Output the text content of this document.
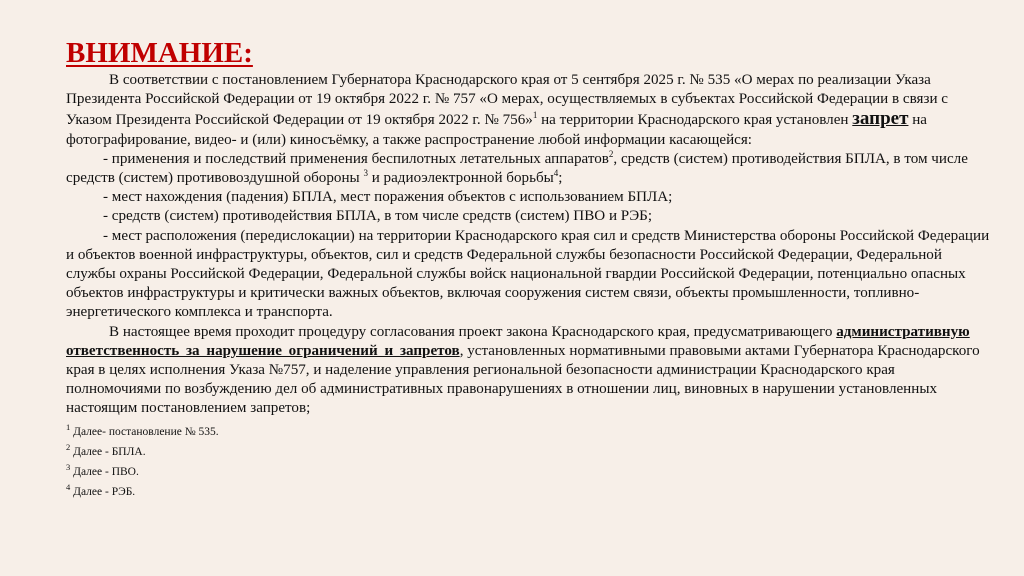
ВНИМАНИЕ:

В соответствии с постановлением Губернатора Краснодарского края от 5 сентября 2025 г. № 535 «О мерах по реализации Указа Президента Российской Федерации от 19 октября 2022 г. № 757 «О мерах, осуществляемых в субъектах Российской Федерации в связи с Указом Президента Российской Федерации от 19 октября 2022 г. № 756»$^1$ на территории Краснодарского края установлен запрет на фотографирование, видео- и (или) киносъёмку, а также распространение любой информации касающейся:

- применения и последствий применения беспилотных летательных аппаратов$^2$, средств (систем) противодействия БПЛА, в том числе средств (систем) противовоздушной обороны $^3$ и радиоэлектронной борьбы$^4$;

- мест нахождения (падения) БПЛА, мест поражения объектов с использованием БПЛА;

- средств (систем) противодействия БПЛА, в том числе средств (систем) ПВО и РЭБ;

- мест расположения (передислокации) на территории Краснодарского края сил и средств Министерства обороны Российской Федерации и объектов военной инфраструктуры, объектов, сил и средств Федеральной службы безопасности Российской Федерации, Федеральной службы охраны Российской Федерации, Федеральной службы войск национальной гвардии Российской Федерации, потенциально опасных объектов инфраструктуры и критически важных объектов, включая сооружения систем связи, объекты промышленности, топливно-энергетического комплекса и транспорта.

В настоящее время проходит процедуру согласования проект закона Краснодарского края, предусматривающего административную ответственность за нарушение ограничений и запретов, установленных нормативными правовыми актами Губернатора Краснодарского края в целях исполнения Указа №757, и наделение управления региональной безопасности администрации Краснодарского края полномочиями по возбуждению дел об административных правонарушениях в отношении лиц, виновных в нарушении установленных настоящим постановлением запретов;

$^1$ Далее- постановление № 535.
$^2$ Далее - БПЛА.
$^3$ Далее - ПВО.
$^4$ Далее - РЭБ.
